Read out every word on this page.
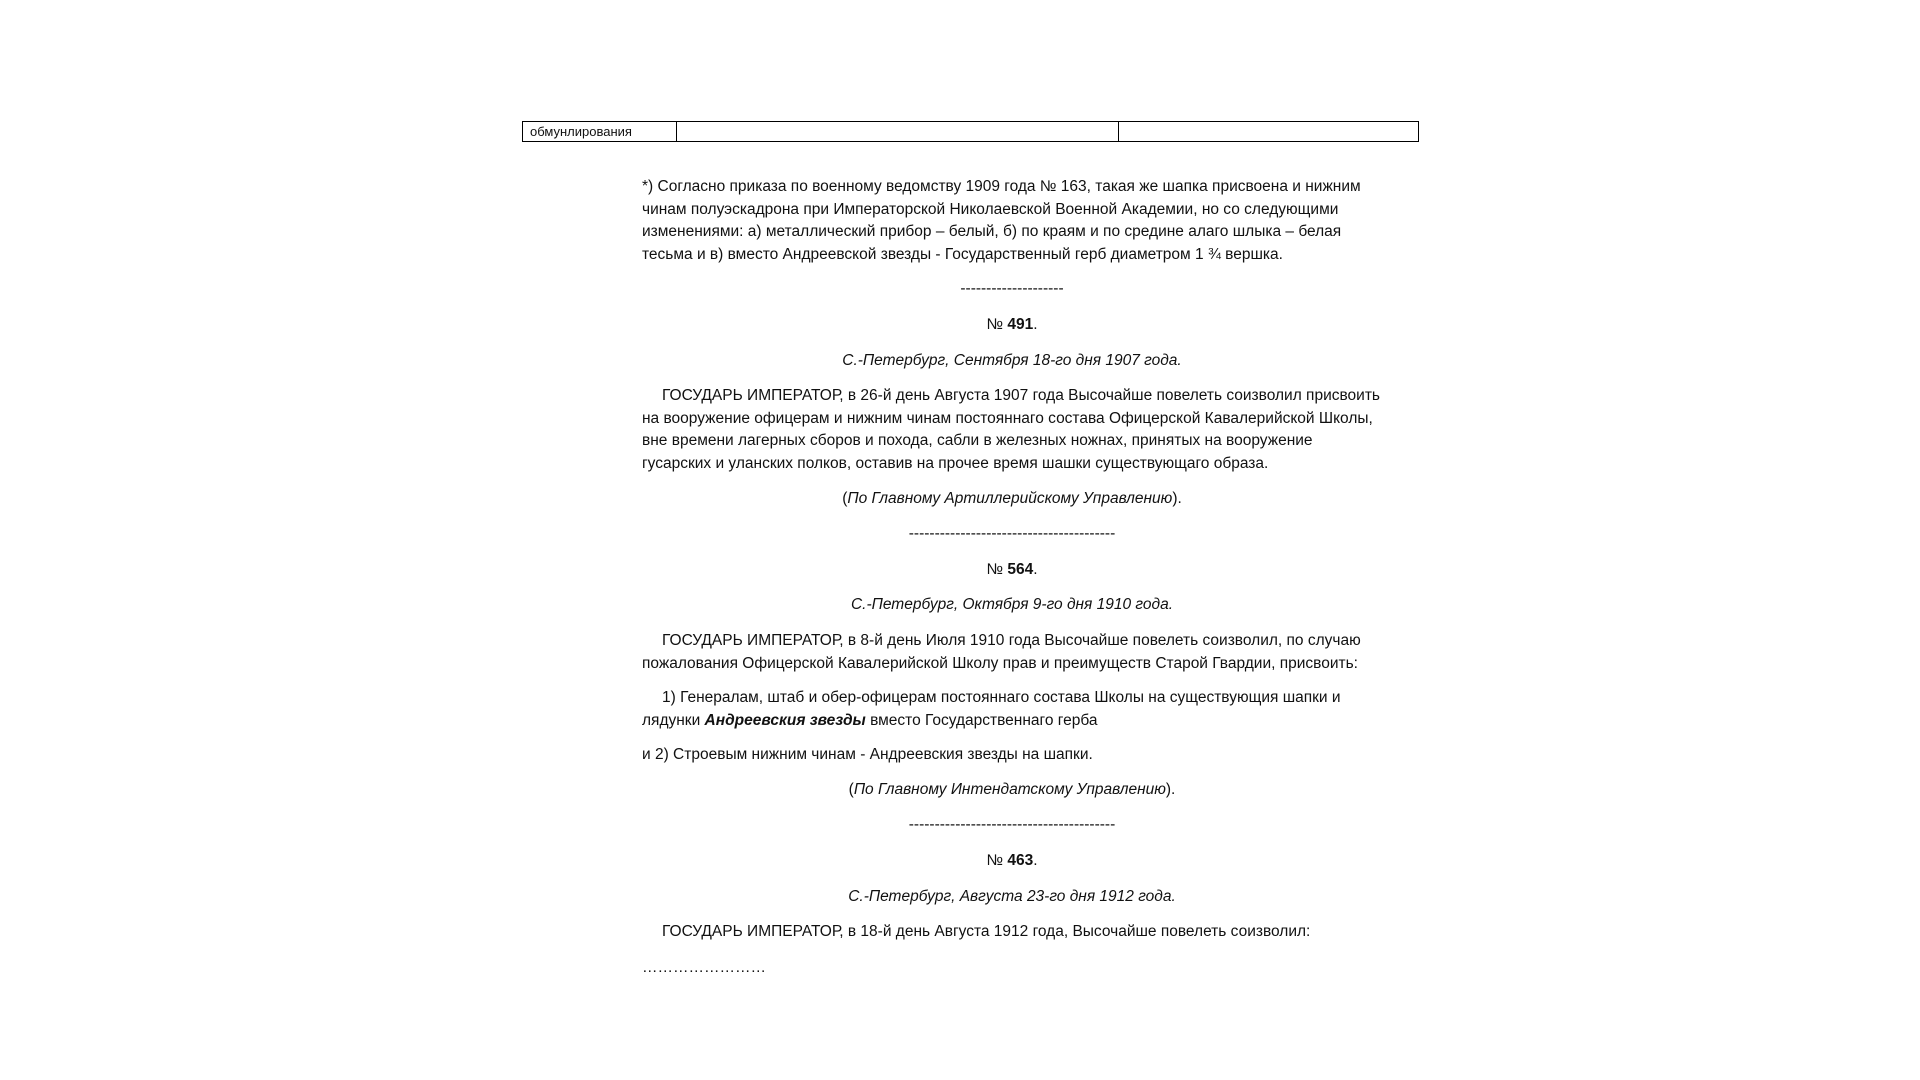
обмунлирования		

*) Согласно приказа по военному ведомству 1909 года № 163, такая же шапка присвоена и нижним чинам полуэскадрона при Императорской Николаевской Военной Академии, но со следующими изменениями: а) металлический прибор – белый, б) по краям и по средине алаго шлыка – белая тесьма и в) вместо Андреевской звезды - Государственный герб диаметром 1 ¾ вершка.

--------------------

№ 491.

С.-Петербург, Сентября 18-го дня 1907 года.

ГОСУДАРЬ ИМПЕРАТОР, в 26-й день Августа 1907 года Высочайше повелеть соизволил присвоить на вооружение офицерам и нижним чинам постояннаго состава Офицерской Кавалерийской Школы, вне времени лагерных сборов и похода, сабли в железных ножнах, принятых на вооружение гусарских и уланских полков, оставив на прочее время шашки существующаго образа.

(По Главному Артиллерийскому Управлению).

----------------------------------------

№ 564.

С.-Петербург, Октября 9-го дня 1910 года.

ГОСУДАРЬ ИМПЕРАТОР, в 8-й день Июля 1910 года Высочайше повелеть соизволил, по случаю пожалования Офицерской Кавалерийской Школу прав и преимуществ Старой Гвардии, присвоить:

1) Генералам, штаб и обер-офицерам постояннаго состава Школы на существующия шапки и лядунки Андреевския звезды вместо Государственнаго герба

и 2) Строевым нижним чинам - Андреевския звезды на шапки.

(По Главному Интендатскому Управлению).

----------------------------------------

№ 463.

С.-Петербург, Августа 23-го дня 1912 года.

ГОСУДАРЬ ИМПЕРАТОР, в 18-й день Августа 1912 года, Высочайше повелеть соизволил:

……………………
